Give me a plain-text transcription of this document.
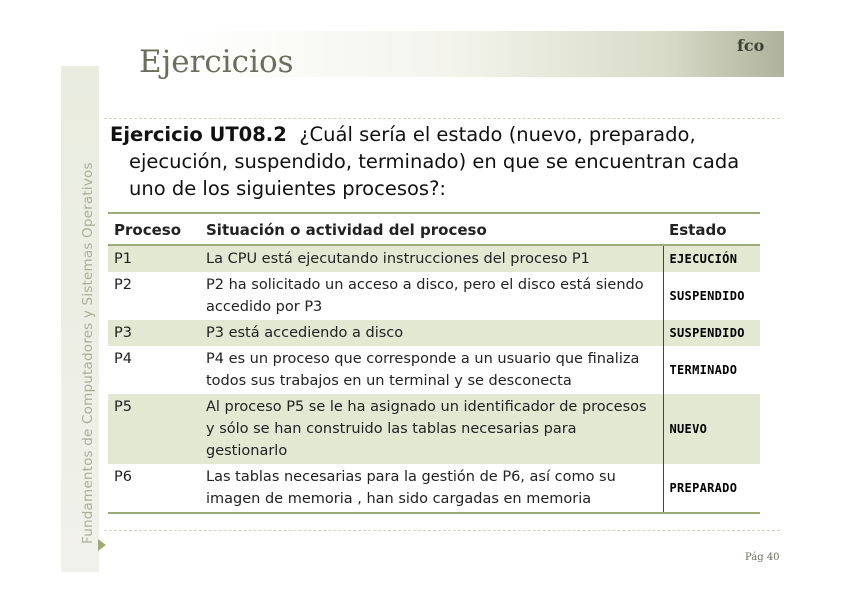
Fundamentos de Computadores y Sistemas Operativos
Ejercicios	fco

Ejercicio UT08.2 ¿Cuál sería el estado (nuevo, preparado,

ejecución, suspendido, terminado) en que se encuentran cada

uno de los siguientes procesos?:

Proceso	Situación o actividad del proceso	Estado
P1	La CPU está ejecutando instrucciones del proceso P1	EJECUCIÓN
P2	P2 ha solicitado un acceso a disco, pero el disco está siendo accedido por P3	SUSPENDIDO
P3	P3 está accediendo a disco	SUSPENDIDO
P4	P4 es un proceso que corresponde a un usuario que finaliza todos sus trabajos en un terminal y se desconecta	TERMINADO
P5	Al proceso P5 se le ha asignado un identificador de procesos y sólo se han construido las tablas necesarias para gestionarlo	NUEVO
P6	Las tablas necesarias para la gestión de P6, así como su imagen de memoria , han sido cargadas en memoria	PREPARADO
Pág 40
